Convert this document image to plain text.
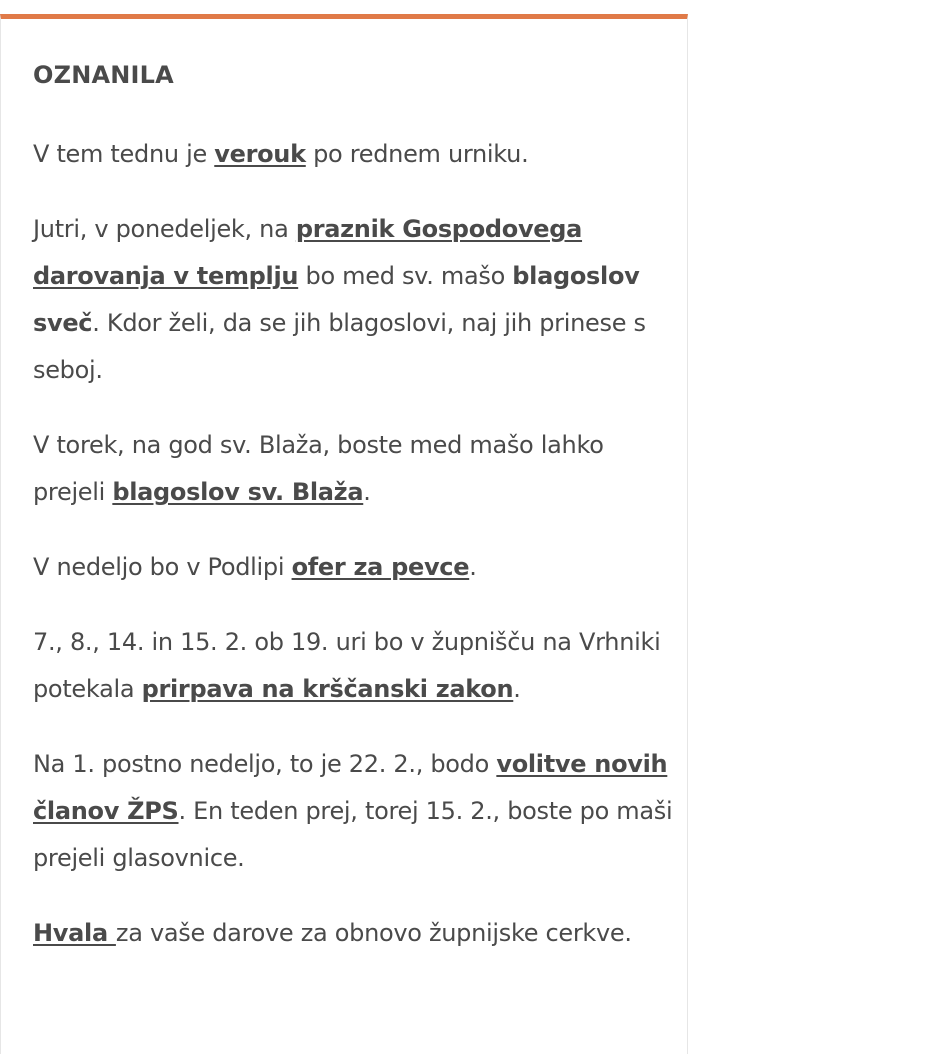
OZNANILA

V tem tednu je verouk po rednem urniku.

Jutri, v ponedeljek, na praznik Gospodovega darovanja v templju bo med sv. mašo blagoslov sveč. Kdor želi, da se jih blagoslovi, naj jih prinese s seboj.

V torek, na god sv. Blaža, boste med mašo lahko prejeli blagoslov sv. Blaža.

V nedeljo bo v Podlipi ofer za pevce.

7., 8., 14. in 15. 2. ob 19. uri bo v župnišču na Vrhniki potekala prirpava na krščanski zakon.

Na 1. postno nedeljo, to je 22. 2., bodo volitve novih članov ŽPS. En teden prej, torej 15. 2., boste po maši prejeli glasovnice.

Hvala za vaše darove za obnovo župnijske cerkve.
